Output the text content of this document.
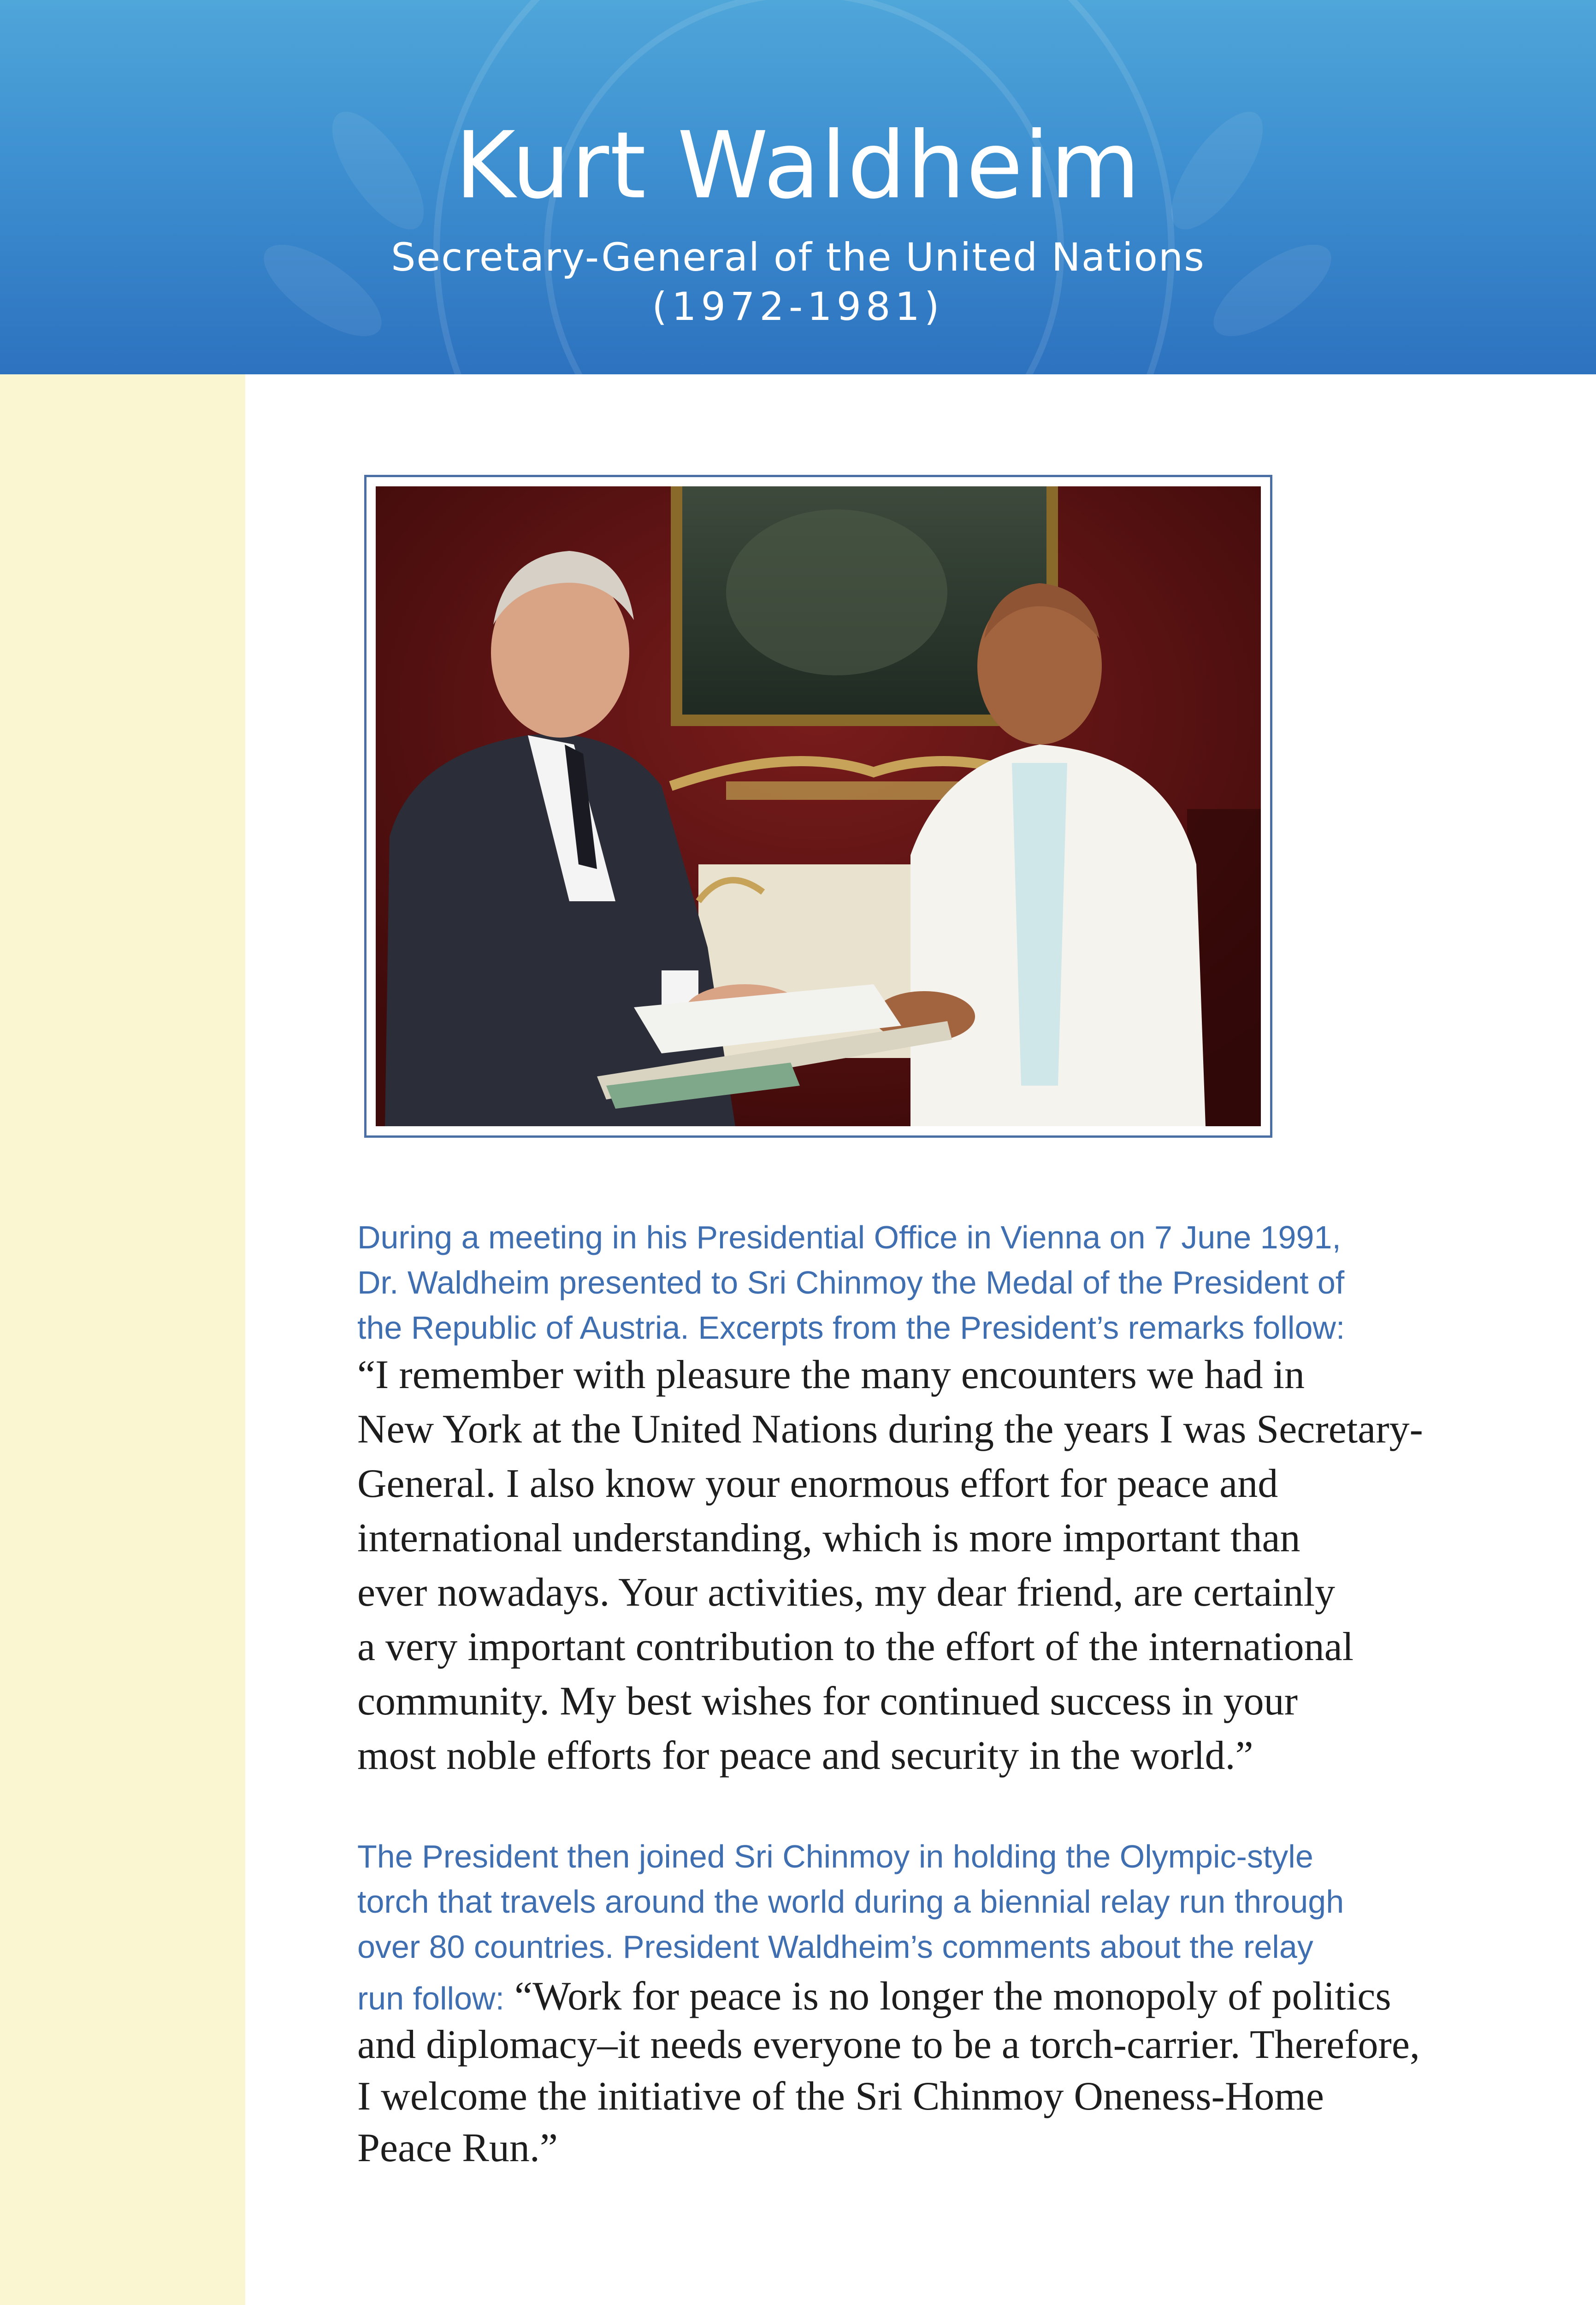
Kurt Waldheim
Secretary-General of the United Nations
(1972-1981)
During a meeting in his Presidential Office in Vienna on 7 June 1991,
Dr. Waldheim presented to Sri Chinmoy the Medal of the President of
the Republic of Austria. Excerpts from the President’s remarks follow:
“I remember with pleasure the many encounters we had in
New York at the United Nations during the years I was Secretary-
General. I also know your enormous effort for peace and
international understanding, which is more important than
ever nowadays. Your activities, my dear friend, are certainly
a very important contribution to the effort of the international
community. My best wishes for continued success in your
most noble efforts for peace and security in the world.”
The President then joined Sri Chinmoy in holding the Olympic-style
torch that travels around the world during a biennial relay run through
over 80 countries. President Waldheim’s comments about the relay
run follow: “Work for peace is no longer the monopoly of politics
and diplomacy–it needs everyone to be a torch-carrier. Therefore,
I welcome the initiative of the Sri Chinmoy Oneness-Home
Peace Run.”
